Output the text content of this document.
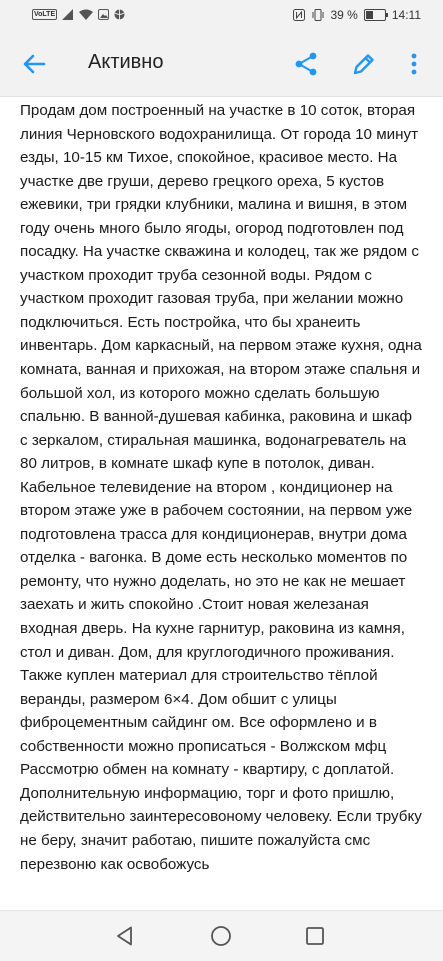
VoLTE	39 %	14:11
Активно

Продам дом построенный на участке в 10 соток, вторая линия Черновского водохранилища. От города 10 минут езды, 10-15 км Тихое, спокойное, красивое место. На участке две груши, дерево грецкого ореха, 5 кустов ежевики, три грядки клубники, малина и вишня, в этом году очень много было ягоды, огород подготовлен под посадку. На участке скважина и колодец, так же рядом с участком проходит труба сезонной воды. Рядом с участком проходит газовая труба, при желании можно подключиться. Есть постройка, что бы хранеить инвентарь. Дом каркасный, на первом этаже кухня, одна комната, ванная и прихожая, на втором этаже спальня и большой хол, из которого можно сделать большую спальню. В ванной-душевая кабинка, раковина и шкаф с зеркалом, стиральная машинка, водонагреватель на 80 литров, в комнате шкаф купе в потолок, диван. Кабельное телевидение на втором , кондиционер на втором этаже уже в рабочем состоянии, на первом уже подготовлена трасса для кондиционерав, внутри дома отделка - вагонка. В доме есть несколько моментов по ремонту, что нужно доделать, но это не как не мешает заехать и жить спокойно .Стоит новая железаная входная дверь. На кухне гарнитур, раковина из камня, стол и диван. Дом, для круглогодичного проживания. Также куплен материал для строительство тёплой веранды, размером 6×4. Дом обшит с улицы фиброцементным сайдинг ом. Все оформлено и в собственности можно прописаться - Волжском мфц
Рассмотрю обмен на комнату - квартиру, с доплатой. Дополнительную информацию, торг и фото пришлю, действительно заинтересовоному человеку. Если трубку не беру, значит работаю, пишите пожалуйста смс перезвоню как освобожусь
